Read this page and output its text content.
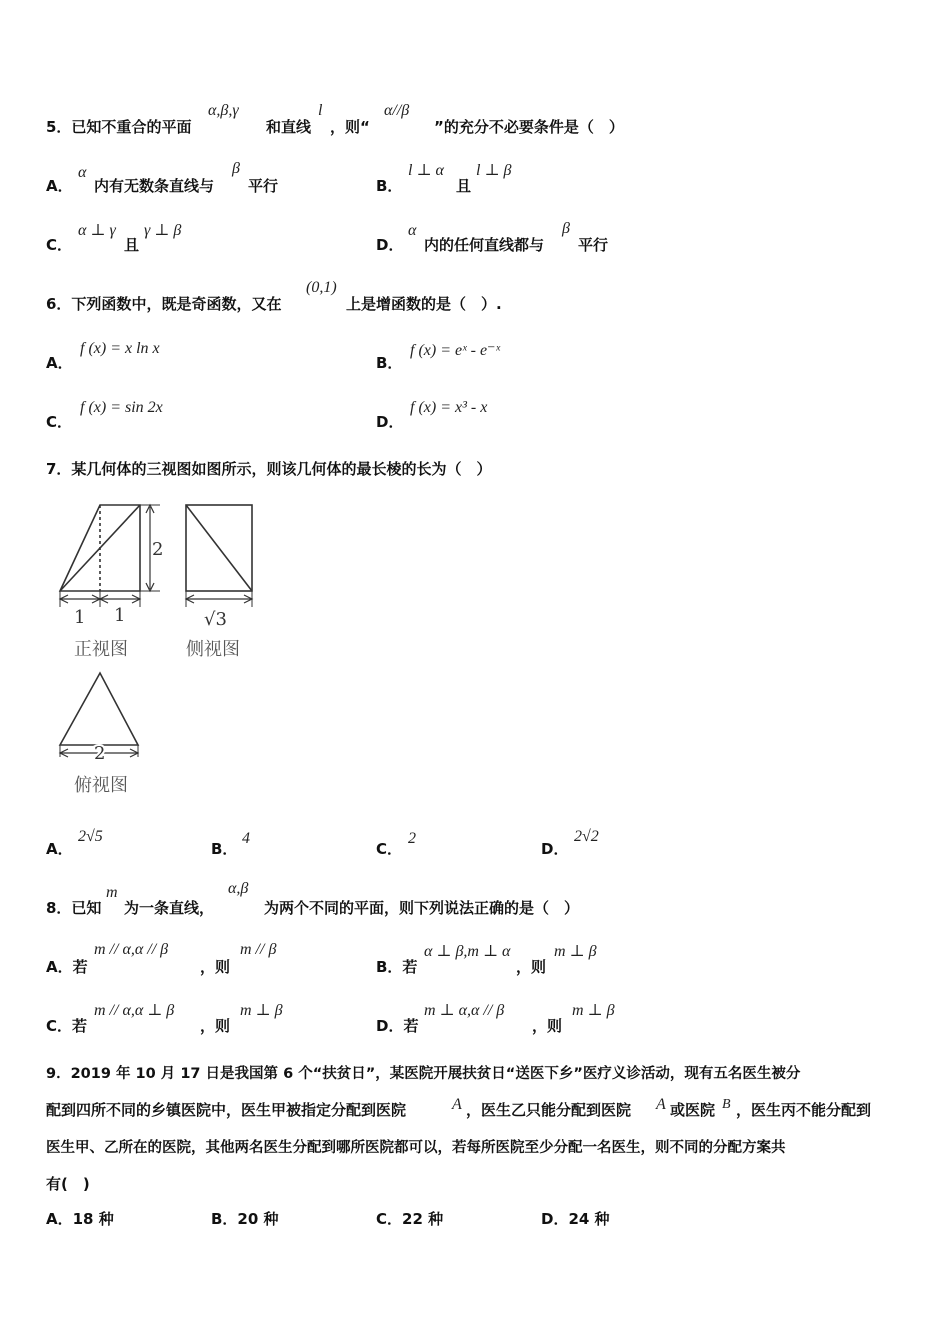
5．已知不重合的平面
α,β,γ
和直线
l
，则“
α//β
”的充分不必要条件是（　）
A．
α
内有无数条直线与
β
平行	B．
l ⊥ α
且
l ⊥ β
C．
α ⊥ γ
且
γ ⊥ β
D．
α
内的任何直线都与
β
平行
6．下列函数中，既是奇函数，又在
(0,1)
上是增函数的是（　）.
A．
f (x) = x ln x
B．
f (x) = eˣ - e⁻ˣ
C．
f (x) = sin 2x
D．
f (x) = x³ - x
7．某几何体的三视图如图所示，则该几何体的最长棱的长为（　）
2
1 1	√3
2
正视图	侧视图
俯视图
A．
2√5
B．
4
C．
2
D．
2√2
8．已知
m
为一条直线，
α,β
为两个不同的平面，则下列说法正确的是（　）
A．若
m // α,α // β
，则
m // β
B．若
α ⊥ β,m ⊥ α
，则
m ⊥ β
C．若
m // α,α ⊥ β
，则
m ⊥ β
D．若
m ⊥ α,α // β
，则
m ⊥ β
9．2019 年 10 月 17 日是我国第 6 个“扶贫日”，某医院开展扶贫日“送医下乡”医疗义诊活动，现有五名医生被分
配到四所不同的乡镇医院中，医生甲被指定分配到医院	A ，医生乙只能分配到医院 A 或医院 B ，医生丙不能分配到
医生甲、乙所在的医院，其他两名医生分配到哪所医院都可以，若每所医院至少分配一名医生，则不同的分配方案共
有(　)
A．18 种	B．20 种	C．22 种	D．24 种
